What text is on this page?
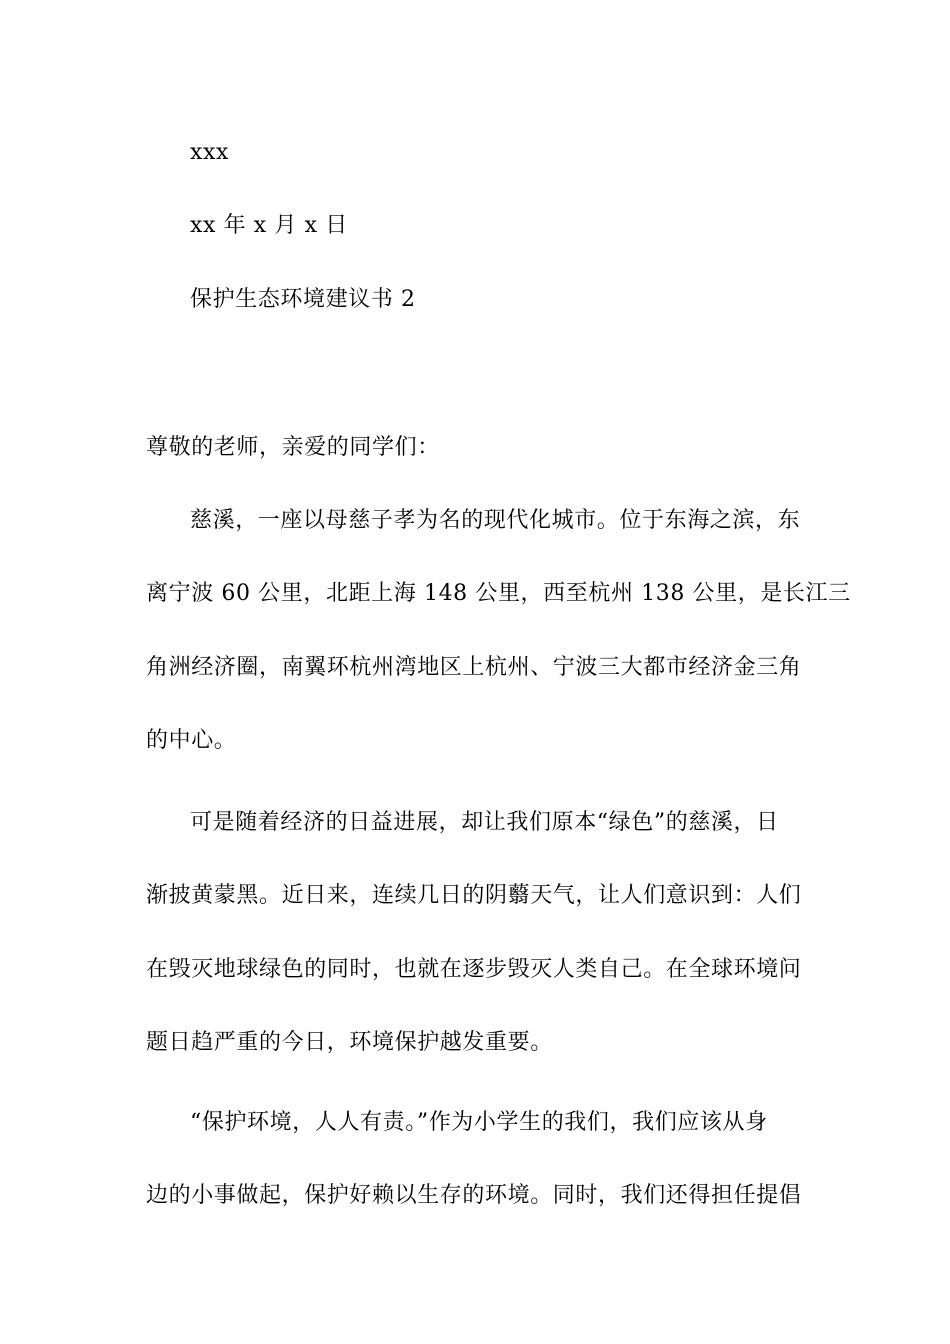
xxx
xx 年 x 月 x 日
保护生态环境建议书 2
尊敬的老师，亲爱的同学们：
慈溪，一座以母慈子孝为名的现代化城市。位于东海之滨，东
离宁波 60 公里，北距上海 148 公里，西至杭州 138 公里，是长江三
角洲经济圈，南翼环杭州湾地区上杭州、宁波三大都市经济金三角
的中心。
可是随着经济的日益进展，却让我们原本“绿色”的慈溪，日
渐披黄蒙黑。近日来，连续几日的阴蘙天气，让人们意识到：人们
在毁灭地球绿色的同时，也就在逐步毁灭人类自己。在全球环境问
题日趋严重的今日，环境保护越发重要。
“保护环境，人人有责。”作为小学生的我们，我们应该从身
边的小事做起，保护好赖以生存的环境。同时，我们还得担任提倡
